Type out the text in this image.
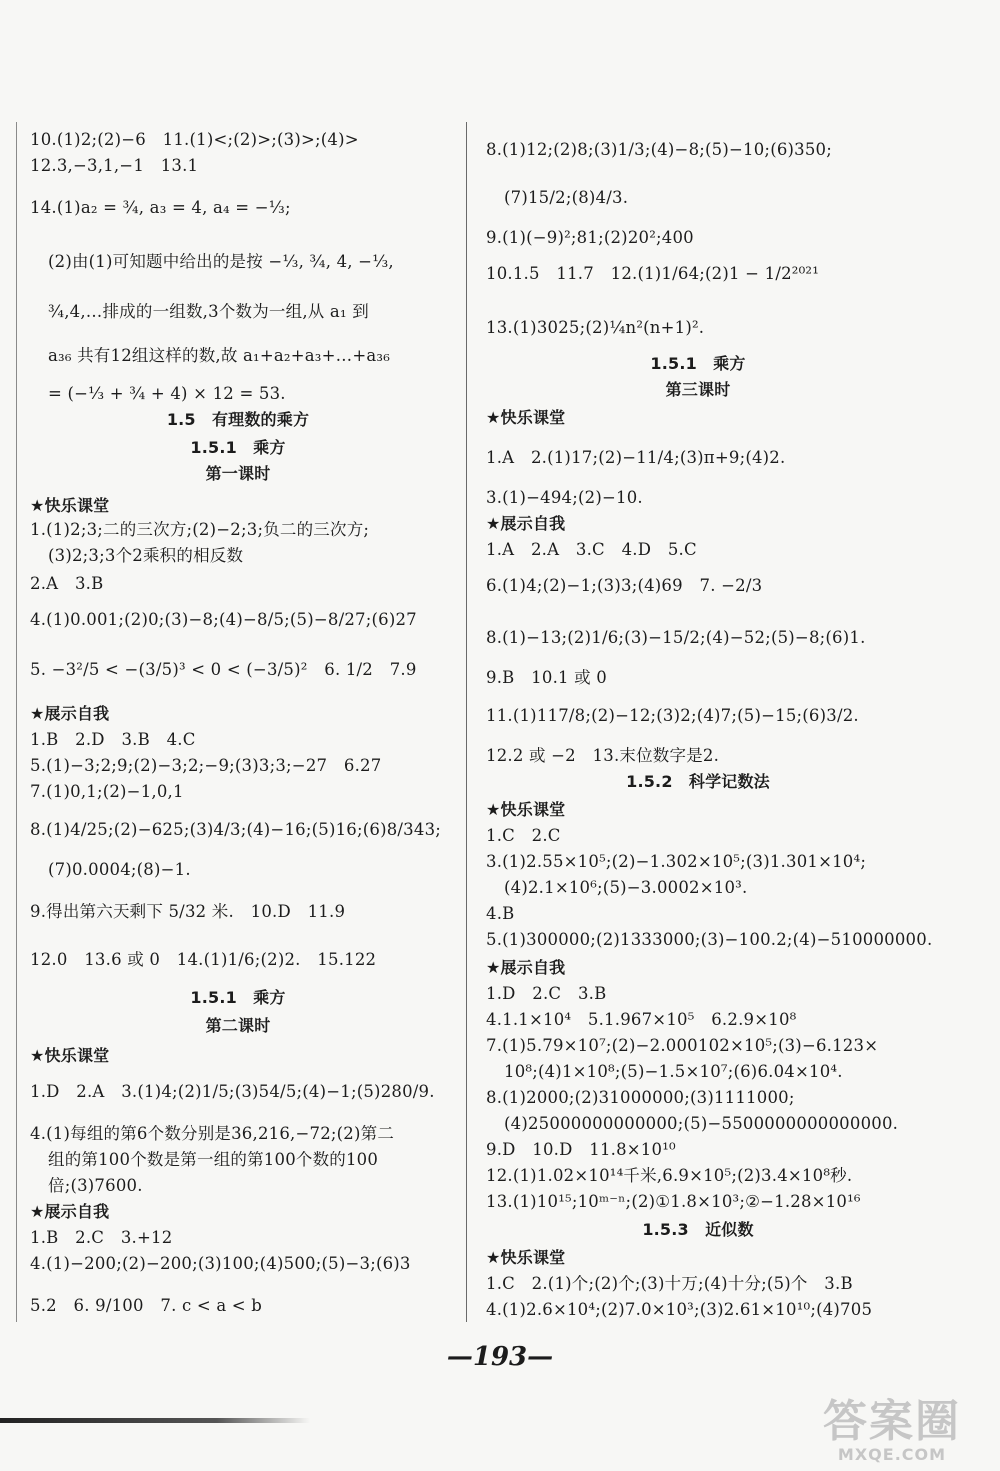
10.(1)2;(2)−6　11.(1)<;(2)>;(3)>;(4)>
12.3,−3,1,−1　13.1
14.(1)a₂ = ¾, a₃ = 4, a₄ = −⅓;
(2)由(1)可知题中给出的是按 −⅓, ¾, 4, −⅓,
¾,4,…排成的一组数,3个数为一组,从 a₁ 到
a₃₆ 共有12组这样的数,故 a₁+a₂+a₃+…+a₃₆
= (−⅓ + ¾ + 4) × 12 = 53.
1.5　有理数的乘方
1.5.1　乘方
第一课时
★快乐课堂
1.(1)2;3;二的三次方;(2)−2;3;负二的三次方;
(3)2;3;3个2乘积的相反数
2.A　3.B
4.(1)0.001;(2)0;(3)−8;(4)−8/5;(5)−8/27;(6)27
5. −3²/5 < −(3/5)³ < 0 < (−3/5)²　6. 1/2　7.9
★展示自我
1.B　2.D　3.B　4.C
5.(1)−3;2;9;(2)−3;2;−9;(3)3;3;−27　6.27
7.(1)0,1;(2)−1,0,1
8.(1)4/25;(2)−625;(3)4/3;(4)−16;(5)16;(6)8/343;
(7)0.0004;(8)−1.
9.得出第六天剩下 5/32 米.　10.D　11.9
12.0　13.6 或 0　14.(1)1/6;(2)2.　15.122
1.5.1　乘方
第二课时
★快乐课堂
1.D　2.A　3.(1)4;(2)1/5;(3)54/5;(4)−1;(5)280/9.
4.(1)每组的第6个数分别是36,216,−72;(2)第二
组的第100个数是第一组的第100个数的100
倍;(3)7600.
★展示自我
1.B　2.C　3.+12
4.(1)−200;(2)−200;(3)100;(4)500;(5)−3;(6)3
5.2　6. 9/100　7. c < a < b
8.(1)12;(2)8;(3)1/3;(4)−8;(5)−10;(6)350;
(7)15/2;(8)4/3.
9.(1)(−9)²;81;(2)20²;400
10.1.5　11.7　12.(1)1/64;(2)1 − 1/2²⁰²¹
13.(1)3025;(2)¼n²(n+1)².
1.5.1　乘方
第三课时
★快乐课堂
1.A　2.(1)17;(2)−11/4;(3)π+9;(4)2.
3.(1)−494;(2)−10.
★展示自我
1.A　2.A　3.C　4.D　5.C
6.(1)4;(2)−1;(3)3;(4)69　7. −2/3
8.(1)−13;(2)1/6;(3)−15/2;(4)−52;(5)−8;(6)1.
9.B　10.1 或 0
11.(1)117/8;(2)−12;(3)2;(4)7;(5)−15;(6)3/2.
12.2 或 −2　13.末位数字是2.
1.5.2　科学记数法
★快乐课堂
1.C　2.C
3.(1)2.55×10⁵;(2)−1.302×10⁵;(3)1.301×10⁴;
(4)2.1×10⁶;(5)−3.0002×10³.
4.B
5.(1)300000;(2)1333000;(3)−100.2;(4)−510000000.
★展示自我
1.D　2.C　3.B
4.1.1×10⁴　5.1.967×10⁵　6.2.9×10⁸
7.(1)5.79×10⁷;(2)−2.000102×10⁵;(3)−6.123×
10⁸;(4)1×10⁸;(5)−1.5×10⁷;(6)6.04×10⁴.
8.(1)2000;(2)31000000;(3)1111000;
(4)25000000000000;(5)−5500000000000000.
9.D　10.D　11.8×10¹⁰
12.(1)1.02×10¹⁴千米,6.9×10⁵;(2)3.4×10⁸秒.
13.(1)10¹⁵;10ᵐ⁻ⁿ;(2)①1.8×10³;②−1.28×10¹⁶
1.5.3　近似数
★快乐课堂
1.C　2.(1)个;(2)个;(3)十万;(4)十分;(5)个　3.B
4.(1)2.6×10⁴;(2)7.0×10³;(3)2.61×10¹⁰;(4)705
—193—
答案圈
MXQE.COM
